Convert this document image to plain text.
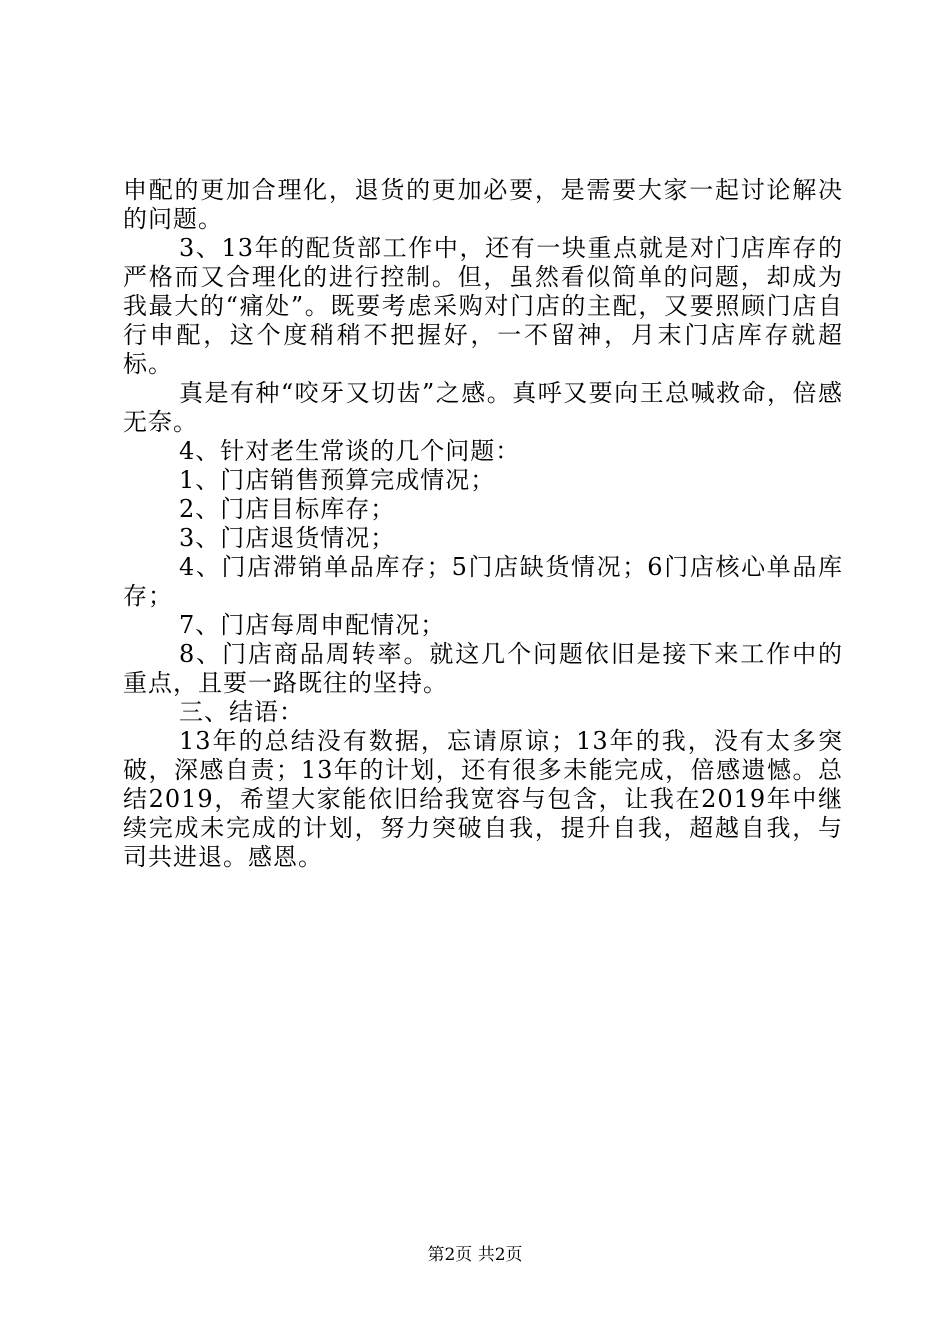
申配的更加合理化，退货的更加必要，是需要大家一起讨论解决的问题。

3、13年的配货部工作中，还有一块重点就是对门店库存的严格而又合理化的进行控制。但，虽然看似简单的问题，却成为我最大的“痛处”。既要考虑采购对门店的主配，又要照顾门店自行申配，这个度稍稍不把握好，一不留神，月末门店库存就超标。

真是有种“咬牙又切齿”之感。真呼又要向王总喊救命，倍感无奈。

4、针对老生常谈的几个问题：

1、门店销售预算完成情况；

2、门店目标库存；

3、门店退货情况；

4、门店滞销单品库存；5门店缺货情况；6门店核心单品库存；

7、门店每周申配情况；

8、门店商品周转率。就这几个问题依旧是接下来工作中的重点，且要一路既往的坚持。

三、结语：

13年的总结没有数据，忘请原谅；13年的我，没有太多突破，深感自责；13年的计划，还有很多未能完成，倍感遗憾。总结2019，希望大家能依旧给我宽容与包含，让我在2019年中继续完成未完成的计划，努力突破自我，提升自我，超越自我，与司共进退。感恩。

第2页 共2页
